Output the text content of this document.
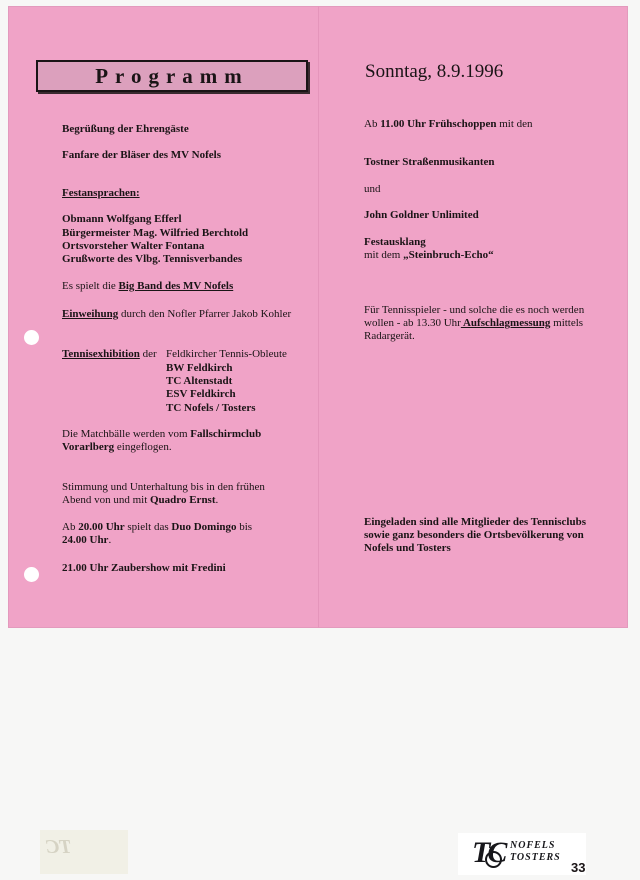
Programm	Sonntag, 8.9.1996
Begrüßung der Ehrengäste
Fanfare der Bläser des MV Nofels
Festansprachen:
Obmann Wolfgang Efferl
Bürgermeister Mag. Wilfried Berchtold
Ortsvorsteher Walter Fontana
Grußworte des Vlbg. Tennisverbandes
Es spielt die Big Band des MV Nofels
Einweihung durch den Nofler Pfarrer Jakob Kohler
Tennisexhibition der Feldkircher Tennis-Obleute
BW Feldkirch
TC Altenstadt
ESV Feldkirch
TC Nofels / Tosters
Die Matchbälle werden vom Fallschirmclub
Vorarlberg eingeflogen.
Stimmung und Unterhaltung bis in den frühen
Abend von und mit Quadro Ernst.
Ab 20.00 Uhr spielt das Duo Domingo bis
24.00 Uhr.
21.00 Uhr Zaubershow mit Fredini
Ab 11.00 Uhr Frühschoppen mit den
Tostner Straßenmusikanten
und
John Goldner Unlimited
Festausklang
mit dem „Steinbruch-Echo“
Für Tennisspieler - und solche die es noch werden
wollen - ab 13.30 Uhr Aufschlagmessung mittels
Radargerät.
Eingeladen sind alle Mitglieder des Tennisclubs
sowie ganz besonders die Ortsbevölkerung von
Nofels und Tosters
TC	TC NOFELS
TOSTERS
33
